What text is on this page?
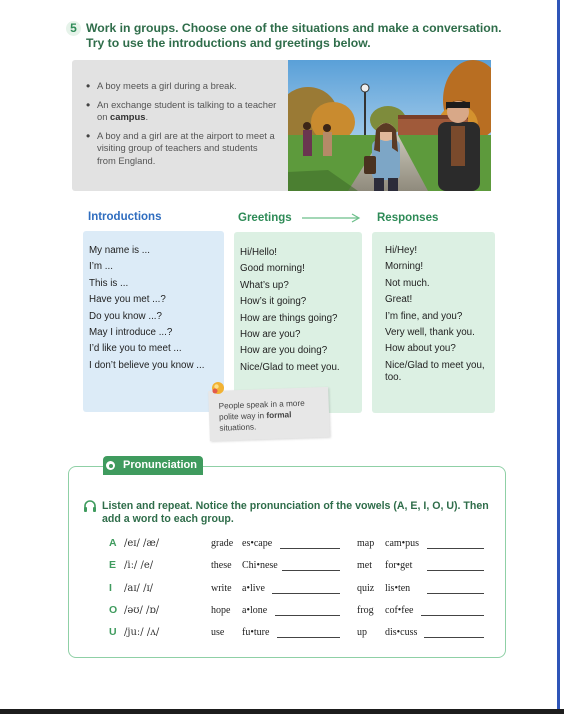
5 Work in groups. Choose one of the situations and make a conversation. Try to use the introductions and greetings below.
• A boy meets a girl during a break.
• An exchange student is talking to a teacher on campus.
• A boy and a girl are at the airport to meet a visiting group of teachers and students from England.
Introductions	Greetings	Responses
My name is ...
I’m ...
This is ...
Have you met ...?
Do you know ...?
May I introduce ...?
I’d like you to meet ...
I don’t believe you know ...
Hi/Hello!
Good morning!
What’s up?
How’s it going?
How are things going?
How are you?
How are you doing?
Nice/Glad to meet you.
Hi/Hey!
Morning!
Not much.
Great!
I’m fine, and you?
Very well, thank you.
How about you?
Nice/Glad to meet you, too.
People speak in a more polite way in formal situations.
Pronunciation
Listen and repeat. Notice the pronunciation of the vowels (A, E, I, O, U). Then add a word to each group.
A /eɪ/ /æ/	grade es•cape	map cam•pus
E /iː/ /e/	these Chi•nese	met for•get
I /aɪ/ /ɪ/	write a•live	quiz lis•ten
O /əʊ/ /ɒ/	hope a•lone	frog cof•fee
U /juː/ /ʌ/	use fu•ture	up dis•cuss
